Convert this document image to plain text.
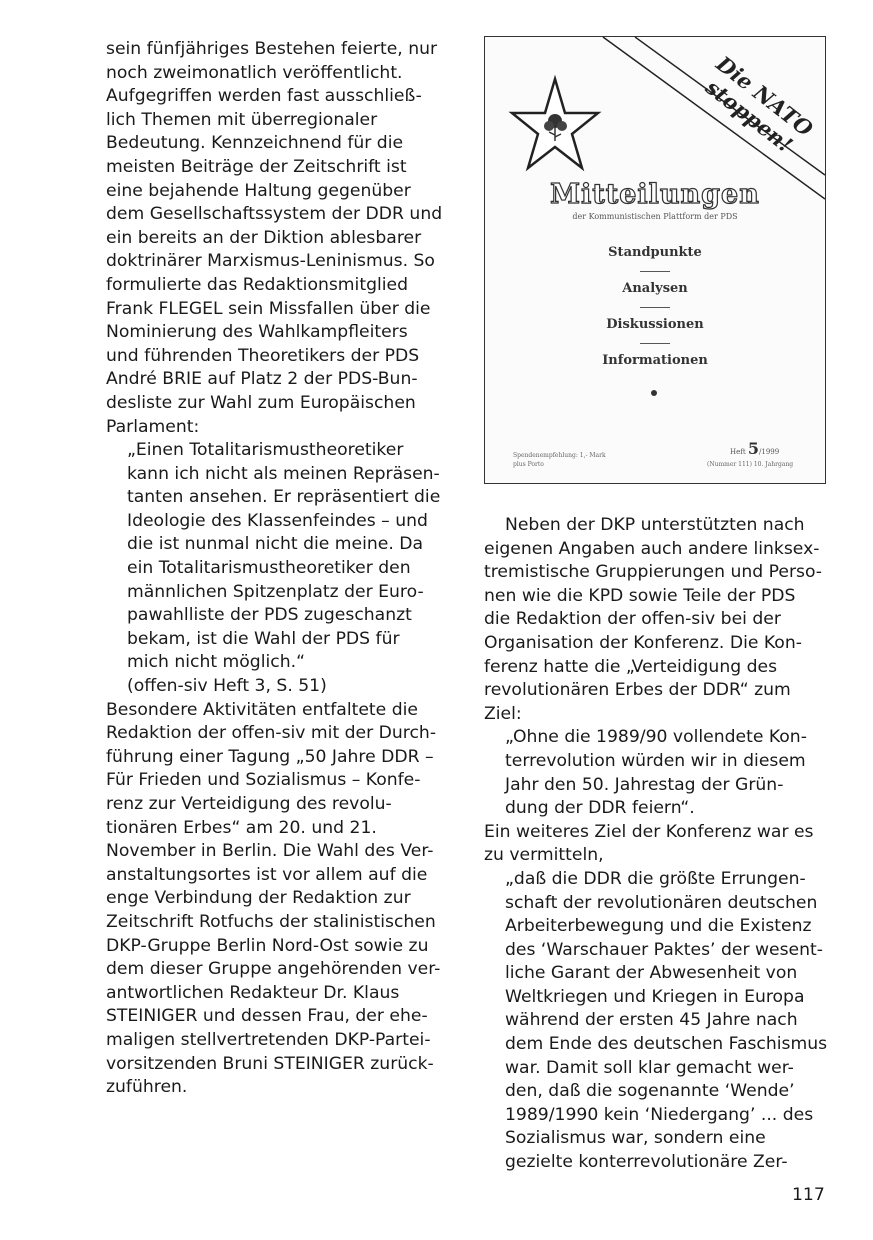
sein fünfjähriges Bestehen feierte, nur
noch zweimonatlich veröffentlicht.
Aufgegriffen werden fast ausschließ-
lich Themen mit überregionaler
Bedeutung. Kennzeichnend für die
meisten Beiträge der Zeitschrift ist
eine bejahende Haltung gegenüber
dem Gesellschaftssystem der DDR und
ein bereits an der Diktion ablesbarer
doktrinärer Marxismus-Leninismus. So
formulierte das Redaktionsmitglied
Frank FLEGEL sein Missfallen über die
Nominierung des Wahlkampfleiters
und führenden Theoretikers der PDS
André BRIE auf Platz 2 der PDS-Bun-
desliste zur Wahl zum Europäischen
Parlament:
„Einen Totalitarismustheoretiker
kann ich nicht als meinen Repräsen-
tanten ansehen. Er repräsentiert die
Ideologie des Klassenfeindes – und
die ist nunmal nicht die meine. Da
ein Totalitarismustheoretiker den
männlichen Spitzenplatz der Euro-
pawahlliste der PDS zugeschanzt
bekam, ist die Wahl der PDS für
mich nicht möglich.“
(offen-siv Heft 3, S. 51)
Besondere Aktivitäten entfaltete die
Redaktion der offen-siv mit der Durch-
führung einer Tagung „50 Jahre DDR –
Für Frieden und Sozialismus – Konfe-
renz zur Verteidigung des revolu-
tionären Erbes“ am 20. und 21.
November in Berlin. Die Wahl des Ver-
anstaltungsortes ist vor allem auf die
enge Verbindung der Redaktion zur
Zeitschrift Rotfuchs der stalinistischen
DKP-Gruppe Berlin Nord-Ost sowie zu
dem dieser Gruppe angehörenden ver-
antwortlichen Redakteur Dr. Klaus
STEINIGER und dessen Frau, der ehe-
maligen stellvertretenden DKP-Partei-
vorsitzenden Bruni STEINIGER zurück-
zuführen.
Die NATO stoppen!
Mitteilungen
der Kommunistischen Plattform der PDS
Standpunkte
Analysen
Diskussionen
Informationen
Spendenempfehlung: 1,- Mark
plus Porto
Heft 5/1999
(Nummer 111) 10. Jahrgang
Neben der DKP unterstützten nach
eigenen Angaben auch andere linksex-
tremistische Gruppierungen und Perso-
nen wie die KPD sowie Teile der PDS
die Redaktion der offen-siv bei der
Organisation der Konferenz. Die Kon-
ferenz hatte die „Verteidigung des
revolutionären Erbes der DDR“ zum
Ziel:
„Ohne die 1989/90 vollendete Kon-
terrevolution würden wir in diesem
Jahr den 50. Jahrestag der Grün-
dung der DDR feiern“.
Ein weiteres Ziel der Konferenz war es
zu vermitteln,
„daß die DDR die größte Errungen-
schaft der revolutionären deutschen
Arbeiterbewegung und die Existenz
des ‘Warschauer Paktes’ der wesent-
liche Garant der Abwesenheit von
Weltkriegen und Kriegen in Europa
während der ersten 45 Jahre nach
dem Ende des deutschen Faschismus
war. Damit soll klar gemacht wer-
den, daß die sogenannte ‘Wende’
1989/1990 kein ‘Niedergang’ ... des
Sozialismus war, sondern eine
gezielte konterrevolutionäre Zer-
117
